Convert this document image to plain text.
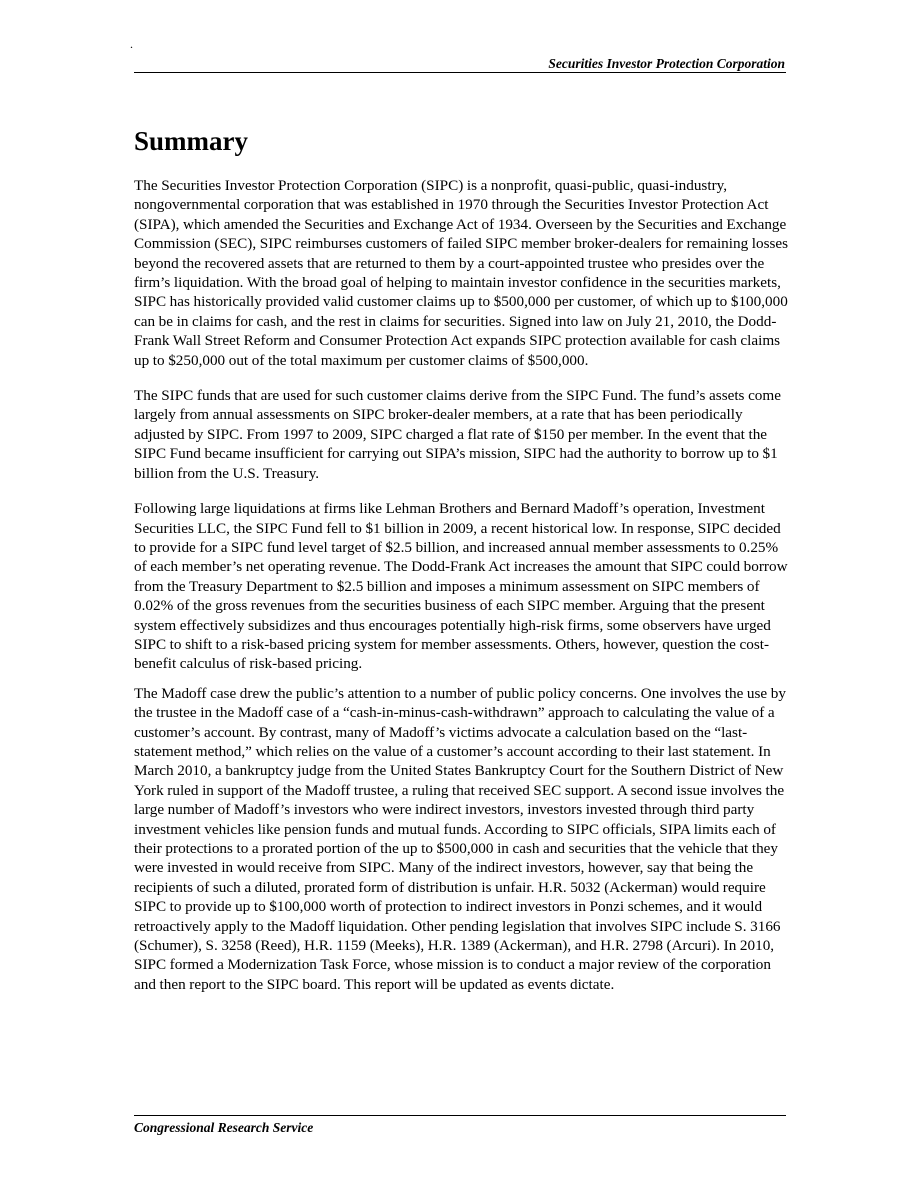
.
Securities Investor Protection Corporation
Summary

The Securities Investor Protection Corporation (SIPC) is a nonprofit, quasi-public, quasi-industry, nongovernmental corporation that was established in 1970 through the Securities Investor Protection Act (SIPA), which amended the Securities and Exchange Act of 1934. Overseen by the Securities and Exchange Commission (SEC), SIPC reimburses customers of failed SIPC member broker-dealers for remaining losses beyond the recovered assets that are returned to them by a court-appointed trustee who presides over the firm’s liquidation. With the broad goal of helping to maintain investor confidence in the securities markets, SIPC has historically provided valid customer claims up to $500,000 per customer, of which up to $100,000 can be in claims for cash, and the rest in claims for securities. Signed into law on July 21, 2010, the Dodd-Frank Wall Street Reform and Consumer Protection Act expands SIPC protection available for cash claims up to $250,000 out of the total maximum per customer claims of $500,000.

The SIPC funds that are used for such customer claims derive from the SIPC Fund. The fund’s assets come largely from annual assessments on SIPC broker-dealer members, at a rate that has been periodically adjusted by SIPC. From 1997 to 2009, SIPC charged a flat rate of $150 per member. In the event that the SIPC Fund became insufficient for carrying out SIPA’s mission, SIPC had the authority to borrow up to $1 billion from the U.S. Treasury.

Following large liquidations at firms like Lehman Brothers and Bernard Madoff’s operation, Investment Securities LLC, the SIPC Fund fell to $1 billion in 2009, a recent historical low. In response, SIPC decided to provide for a SIPC fund level target of $2.5 billion, and increased annual member assessments to 0.25% of each member’s net operating revenue. The Dodd-Frank Act increases the amount that SIPC could borrow from the Treasury Department to $2.5 billion and imposes a minimum assessment on SIPC members of 0.02% of the gross revenues from the securities business of each SIPC member. Arguing that the present system effectively subsidizes and thus encourages potentially high-risk firms, some observers have urged SIPC to shift to a risk-based pricing system for member assessments. Others, however, question the cost-benefit calculus of risk-based pricing.

The Madoff case drew the public’s attention to a number of public policy concerns. One involves the use by the trustee in the Madoff case of a “cash-in-minus-cash-withdrawn” approach to calculating the value of a customer’s account. By contrast, many of Madoff’s victims advocate a calculation based on the “last-statement method,” which relies on the value of a customer’s account according to their last statement. In March 2010, a bankruptcy judge from the United States Bankruptcy Court for the Southern District of New York ruled in support of the Madoff trustee, a ruling that received SEC support. A second issue involves the large number of Madoff’s investors who were indirect investors, investors invested through third party investment vehicles like pension funds and mutual funds. According to SIPC officials, SIPA limits each of their protections to a prorated portion of the up to $500,000 in cash and securities that the vehicle that they were invested in would receive from SIPC. Many of the indirect investors, however, say that being the recipients of such a diluted, prorated form of distribution is unfair. H.R. 5032 (Ackerman) would require SIPC to provide up to $100,000 worth of protection to indirect investors in Ponzi schemes, and it would retroactively apply to the Madoff liquidation. Other pending legislation that involves SIPC include S. 3166 (Schumer), S. 3258 (Reed), H.R. 1159 (Meeks), H.R. 1389 (Ackerman), and H.R. 2798 (Arcuri). In 2010, SIPC formed a Modernization Task Force, whose mission is to conduct a major review of the corporation and then report to the SIPC board. This report will be updated as events dictate.

Congressional Research Service
